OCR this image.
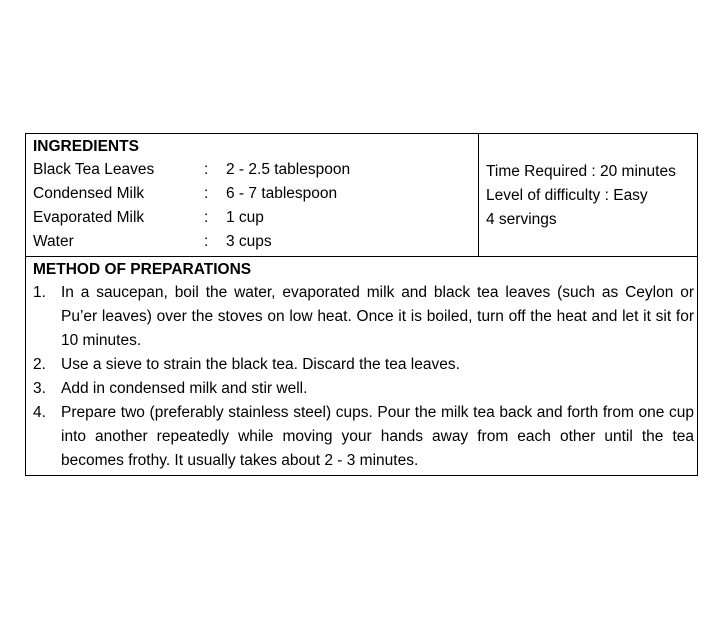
INGREDIENTS
Black Tea Leaves	:	2 - 2.5 tablespoon
Condensed Milk	:	6 - 7 tablespoon
Evaporated Milk	:	1 cup
Water	:	3 cups
Time Required : 20 minutes
Level of difficulty : Easy
4 servings
METHOD OF PREPARATIONS
1. In a saucepan, boil the water, evaporated milk and black tea leaves (such as Ceylon or Pu’er leaves) over the stoves on low heat. Once it is boiled, turn off the heat and let it sit for 10 minutes.
2. Use a sieve to strain the black tea. Discard the tea leaves.
3. Add in condensed milk and stir well.
4. Prepare two (preferably stainless steel) cups. Pour the milk tea back and forth from one cup into another repeatedly while moving your hands away from each other until the tea becomes frothy. It usually takes about 2 - 3 minutes.
